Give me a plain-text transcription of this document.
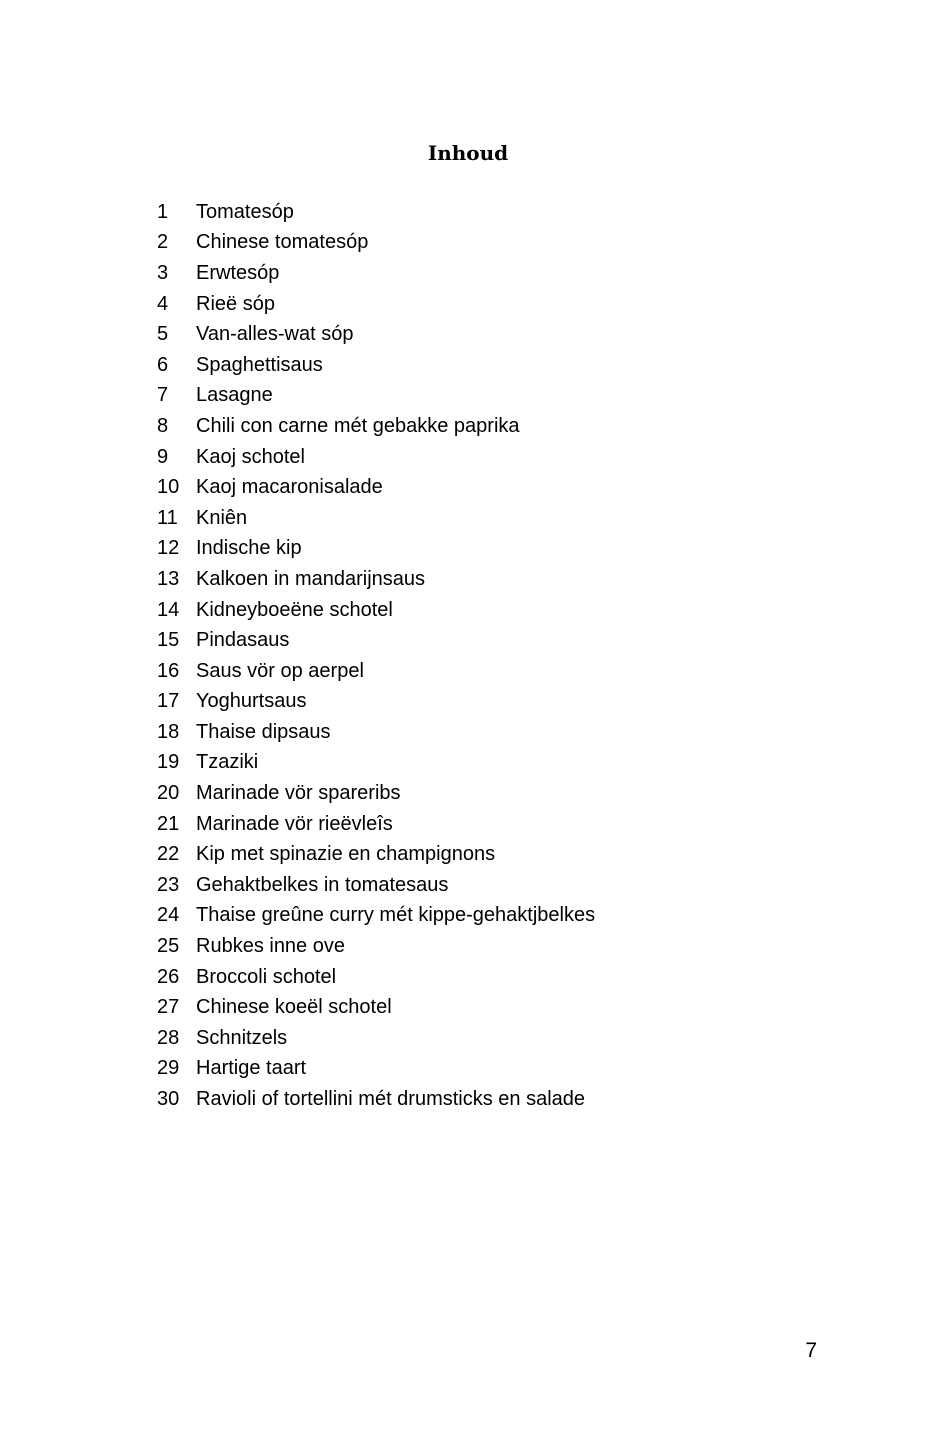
Inhoud
1	Tomatesóp
2	Chinese tomatesóp
3	Erwtesóp
4	Rieë sóp
5	Van-alles-wat sóp
6	Spaghettisaus
7	Lasagne
8	Chili con carne mét gebakke paprika
9	Kaoj schotel
10 Kaoj macaronisalade
11 Kniên
12 Indische kip
13 Kalkoen in mandarijnsaus
14 Kidneyboeëne schotel
15 Pindasaus
16 Saus vör op aerpel
17 Yoghurtsaus
18 Thaise dipsaus
19 Tzaziki
20 Marinade vör spareribs
21 Marinade vör rieëvleîs
22 Kip met spinazie en champignons
23 Gehaktbelkes in tomatesaus
24 Thaise greûne curry mét kippe-gehaktjbelkes
25 Rubkes inne ove
26 Broccoli schotel
27 Chinese koeël schotel
28 Schnitzels
29 Hartige taart
30 Ravioli of tortellini mét drumsticks en salade
7
